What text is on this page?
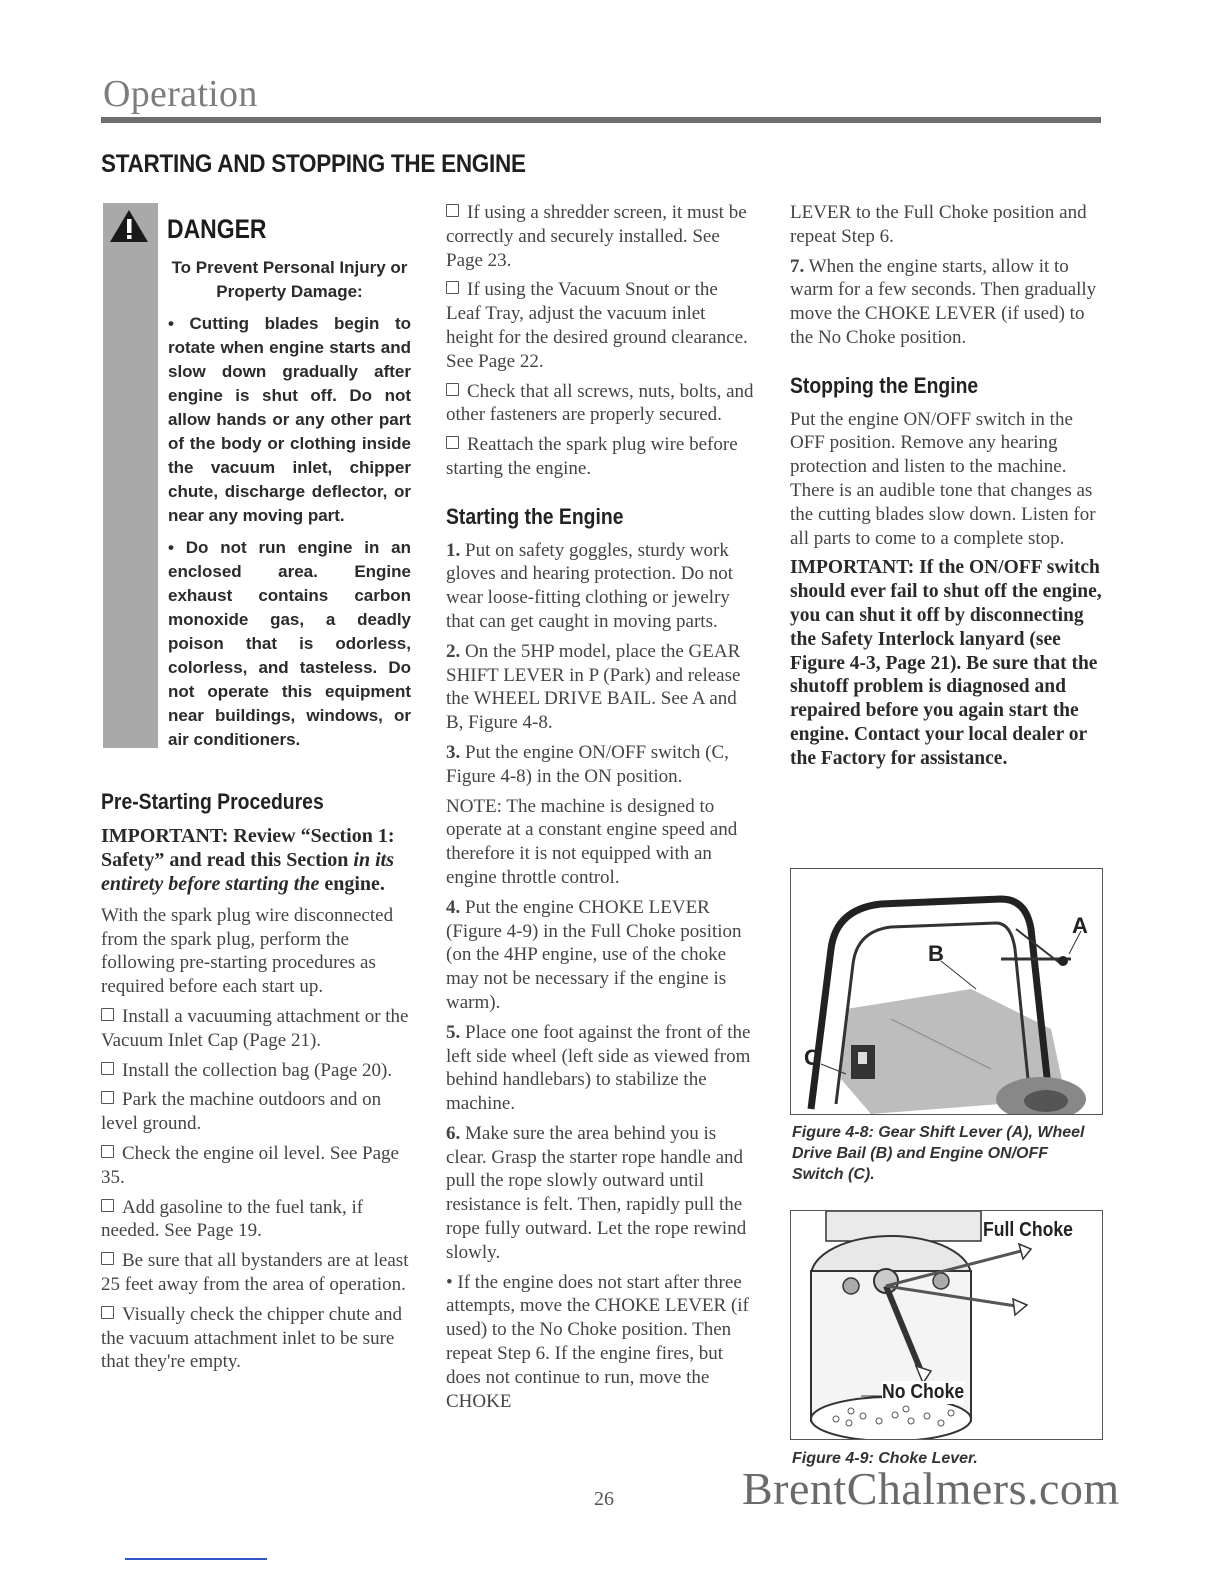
Operation
STARTING AND STOPPING THE ENGINE
DANGER

To Prevent Personal Injury or Property Damage:

• Cutting blades begin to rotate when engine starts and slow down gradually after engine is shut off. Do not allow hands or any other part of the body or clothing inside the vacuum inlet, chipper chute, discharge deflector, or near any moving part.

• Do not run engine in an enclosed area. Engine exhaust contains carbon monoxide gas, a deadly poison that is odorless, colorless, and tasteless. Do not operate this equipment near buildings, windows, or air conditioners.

Pre-Starting Procedures

IMPORTANT: Review “Section 1: Safety” and read this Section in its entirety before starting the engine.

With the spark plug wire disconnected from the spark plug, perform the following pre-starting procedures as required before each start up.

Install a vacuuming attachment or the Vacuum Inlet Cap (Page 21).

Install the collection bag (Page 20).

Park the machine outdoors and on level ground.

Check the engine oil level. See Page 35.

Add gasoline to the fuel tank, if needed. See Page 19.

Be sure that all bystanders are at least 25 feet away from the area of operation.

Visually check the chipper chute and the vacuum attachment inlet to be sure that they're empty.

If using a shredder screen, it must be correctly and securely installed. See Page 23.

If using the Vacuum Snout or the Leaf Tray, adjust the vacuum inlet height for the desired ground clearance. See Page 22.

Check that all screws, nuts, bolts, and other fasteners are properly secured.

Reattach the spark plug wire before starting the engine.

Starting the Engine

1. Put on safety goggles, sturdy work gloves and hearing protection. Do not wear loose-fitting clothing or jewelry that can get caught in moving parts.

2. On the 5HP model, place the GEAR SHIFT LEVER in P (Park) and release the WHEEL DRIVE BAIL. See A and B, Figure 4-8.

3. Put the engine ON/OFF switch (C, Figure 4-8) in the ON position.

NOTE: The machine is designed to operate at a constant engine speed and therefore it is not equipped with an engine throttle control.

4. Put the engine CHOKE LEVER (Figure 4-9) in the Full Choke position (on the 4HP engine, use of the choke may not be necessary if the engine is warm).

5. Place one foot against the front of the left side wheel (left side as viewed from behind handlebars) to stabilize the machine.

6. Make sure the area behind you is clear. Grasp the starter rope handle and pull the rope slowly outward until resistance is felt. Then, rapidly pull the rope fully outward. Let the rope rewind slowly.

• If the engine does not start after three attempts, move the CHOKE LEVER (if used) to the No Choke position. Then repeat Step 6. If the engine fires, but does not continue to run, move the CHOKE

LEVER to the Full Choke position and repeat Step 6.

7. When the engine starts, allow it to warm for a few seconds. Then gradually move the CHOKE LEVER (if used) to the No Choke position.

Stopping the Engine

Put the engine ON/OFF switch in the OFF position. Remove any hearing protection and listen to the machine. There is an audible tone that changes as the cutting blades slow down. Listen for all parts to come to a complete stop.

IMPORTANT: If the ON/OFF switch should ever fail to shut off the engine, you can shut it off by disconnecting the Safety Interlock lanyard (see Figure 4-3, Page 21). Be sure that the shutoff problem is diagnosed and repaired before you again start the engine. Contact your local dealer or the Factory for assistance.

A
B
C
Figure 4-8: Gear Shift Lever (A), Wheel Drive Bail (B) and Engine ON/OFF Switch (C).
Full Choke
No Choke
Figure 4-9: Choke Lever.
26	BrentChalmers.com
